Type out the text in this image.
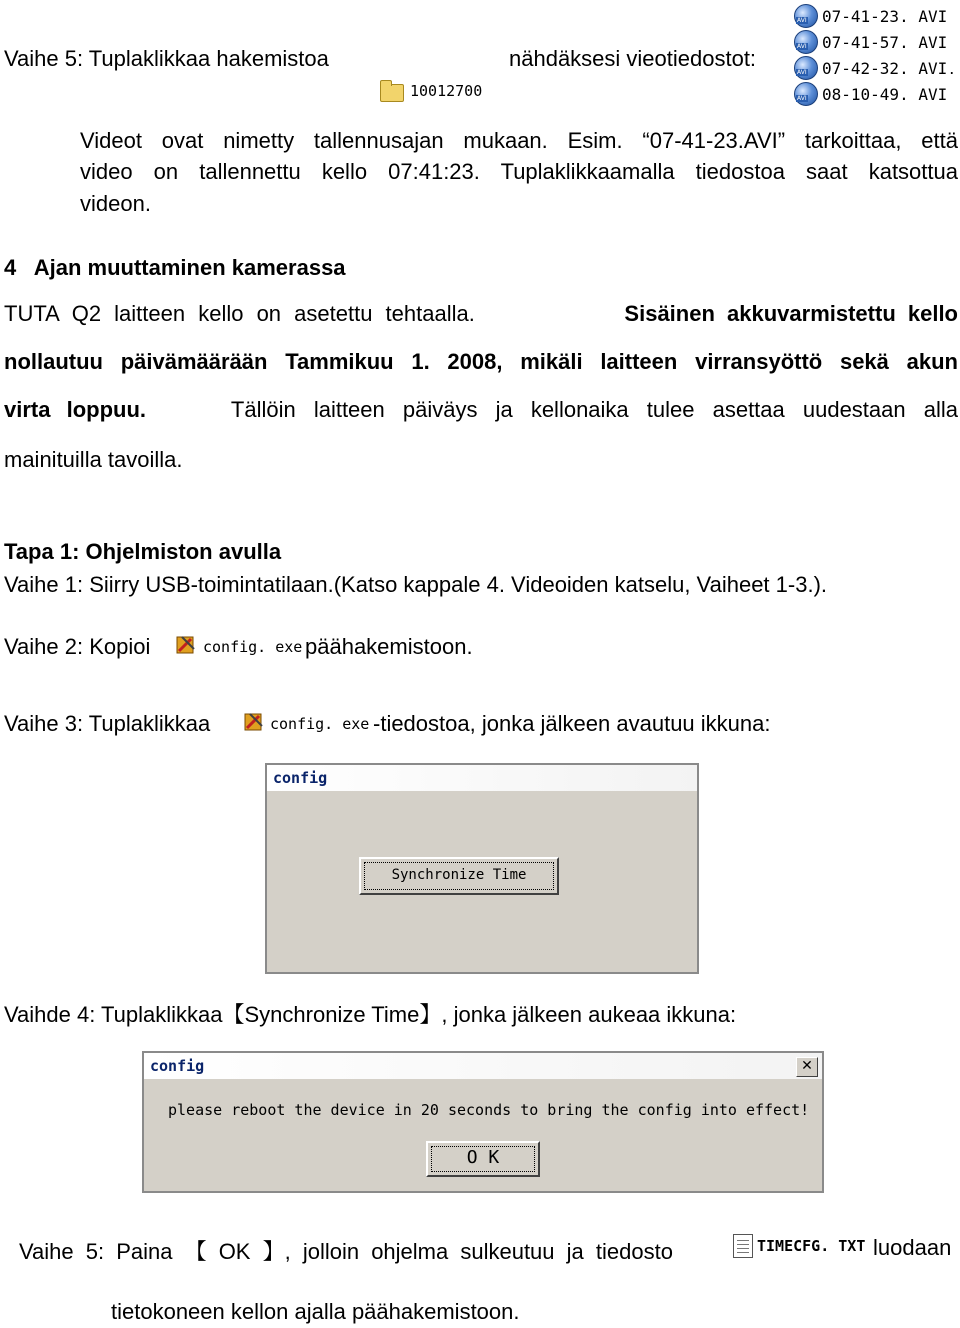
Vaihe 5: Tuplaklikkaa hakemistoa	nähdäksesi vieotiedostot:
10012700
AVI
07-41-23. AVI
AVI
07-41-57. AVI
AVI
07-42-32. AVI .
AVI
08-10-49. AVI
Videot ovat nimetty tallennusajan mukaan. Esim. “07-41-23.AVI” tarkoittaa, että
video on tallennettu kello 07:41:23. Tuplaklikkaamalla tiedostoa saat katsottua
videon.
4   Ajan muuttaminen kamerassa
TUTA Q2 laitteen kello on asetettu tehtaalla.	Sisäinen akkuvarmistettu kello
nollautuu päivämäärään Tammikuu 1. 2008, mikäli laitteen virransyöttö sekä akun
virta loppuu.	Tällöin laitteen päiväys ja kellonaika tulee asettaa uudestaan alla
mainituilla tavoilla.
Tapa 1: Ohjelmiston avulla
Vaihe 1: Siirry USB-toimintatilaan.(Katso kappale 4. Videoiden katselu, Vaiheet 1-3.).
Vaihe 2: Kopioi	config. exe päähakemistoon.
Vaihe 3: Tuplaklikkaa	config. exe -tiedostoa, jonka jälkeen avautuu ikkuna:
config
Synchronize Time
Vaihde 4: Tuplaklikkaa【Synchronize Time】, jonka jälkeen aukeaa ikkuna:
config	✕
please reboot the device in 20 seconds to bring the config into effect!
O K
Vaihe 5: Paina 【 OK 】, jolloin ohjelma sulkeutuu ja tiedosto	TIMECFG. TXT luodaan
tietokoneen kellon ajalla päähakemistoon.
